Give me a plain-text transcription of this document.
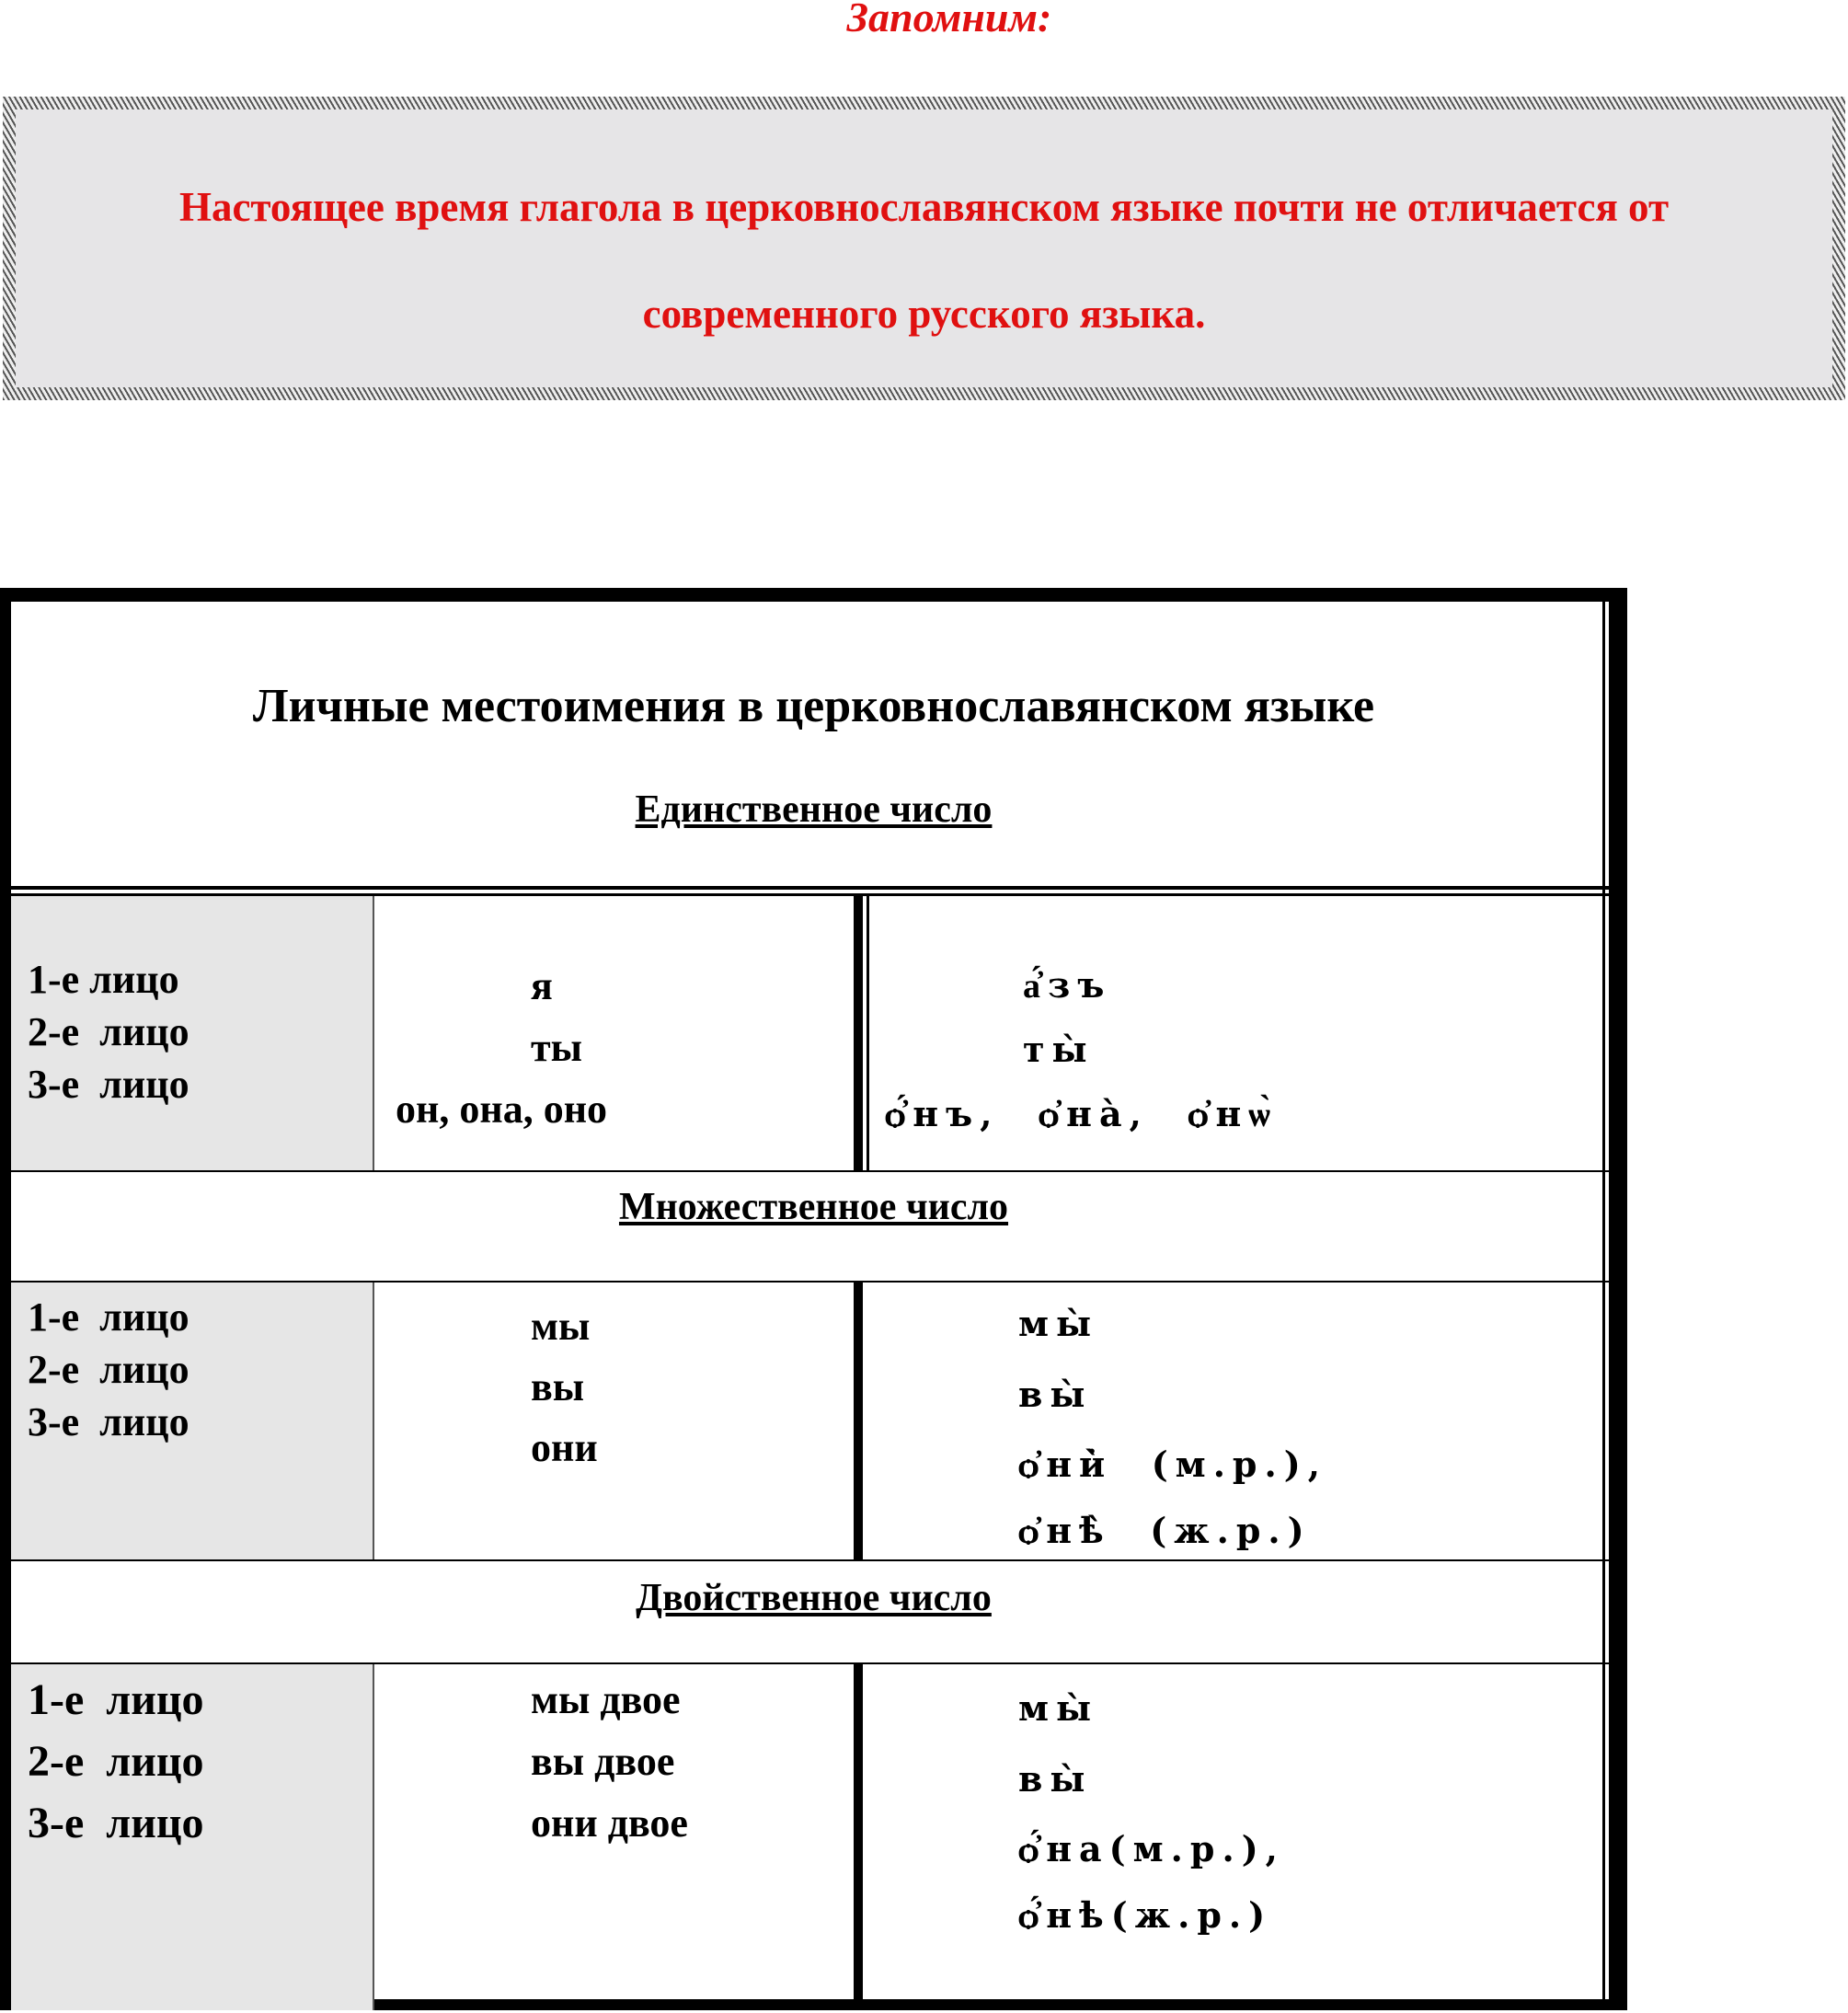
Запомним:
Настоящее время глагола в церковнославянском языке почти не отличается от
современного русского языка.
Личные местоимения в церковнославянском языке
Единственное число
1-е лицо
2-е  лицо
3-е  лицо
я
ты
он, она, оно
а҆́зъ
ты̀
ѻ҆́нъ,  ѻ҆на̀,  ѻ҆нѡ̀
Множественное число
1-е  лицо
2-е  лицо
3-е  лицо
мы
вы
они
мы̀
вы̀
ѻ҆ни̇̀  (м.р.),
ѻ҆нѣ̀  (ж.р.)
Двойственное число
1-е  лицо
2-е  лицо
3-е  лицо
мы двое
вы двое
они двое
мы̀
вы̀
ѻ҆́на(м.р.),
ѻ҆́нѣ(ж.р.)
